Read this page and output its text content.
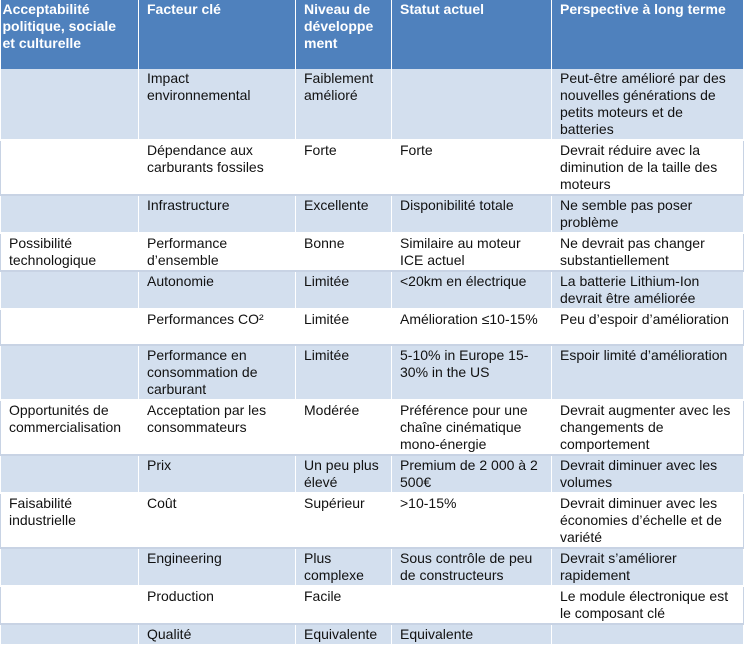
Acceptabilité politique, sociale et culturelle	Facteur clé	Niveau de développe ment	Statut actuel	Perspective à long terme
	Impact environnemental	Faiblement amélioré		Peut-être amélioré par des nouvelles générations de petits moteurs et de batteries
	Dépendance aux carburants fossiles	Forte	Forte	Devrait réduire avec la diminution de la taille des moteurs
	Infrastructure	Excellente	Disponibilité totale	Ne semble pas poser problème
Possibilité technologique	Performance d’ensemble	Bonne	Similaire au moteur ICE actuel	Ne devrait pas changer substantiellement
	Autonomie	Limitée	<20km en électrique	La batterie Lithium-Ion devrait être améliorée
	Performances CO²	Limitée	Amélioration ≤10-15%	Peu d’espoir d’amélioration
	Performance en consommation de carburant	Limitée	5-10% in Europe 15-30% in the US	Espoir limité d’amélioration
Opportunités de commercialisation	Acceptation par les consommateurs	Modérée	Préférence pour une chaîne cinématique mono-énergie	Devrait augmenter avec les changements de comportement
	Prix	Un peu plus élevé	Premium de 2 000 à 2 500€	Devrait diminuer avec les volumes
Faisabilité industrielle	Coût	Supérieur	>10-15%	Devrait diminuer avec les économies d’échelle et de variété
	Engineering	Plus complexe	Sous contrôle de peu de constructeurs	Devrait s’améliorer rapidement
	Production	Facile		Le module électronique est le composant clé
	Qualité	Equivalente	Equivalente	
